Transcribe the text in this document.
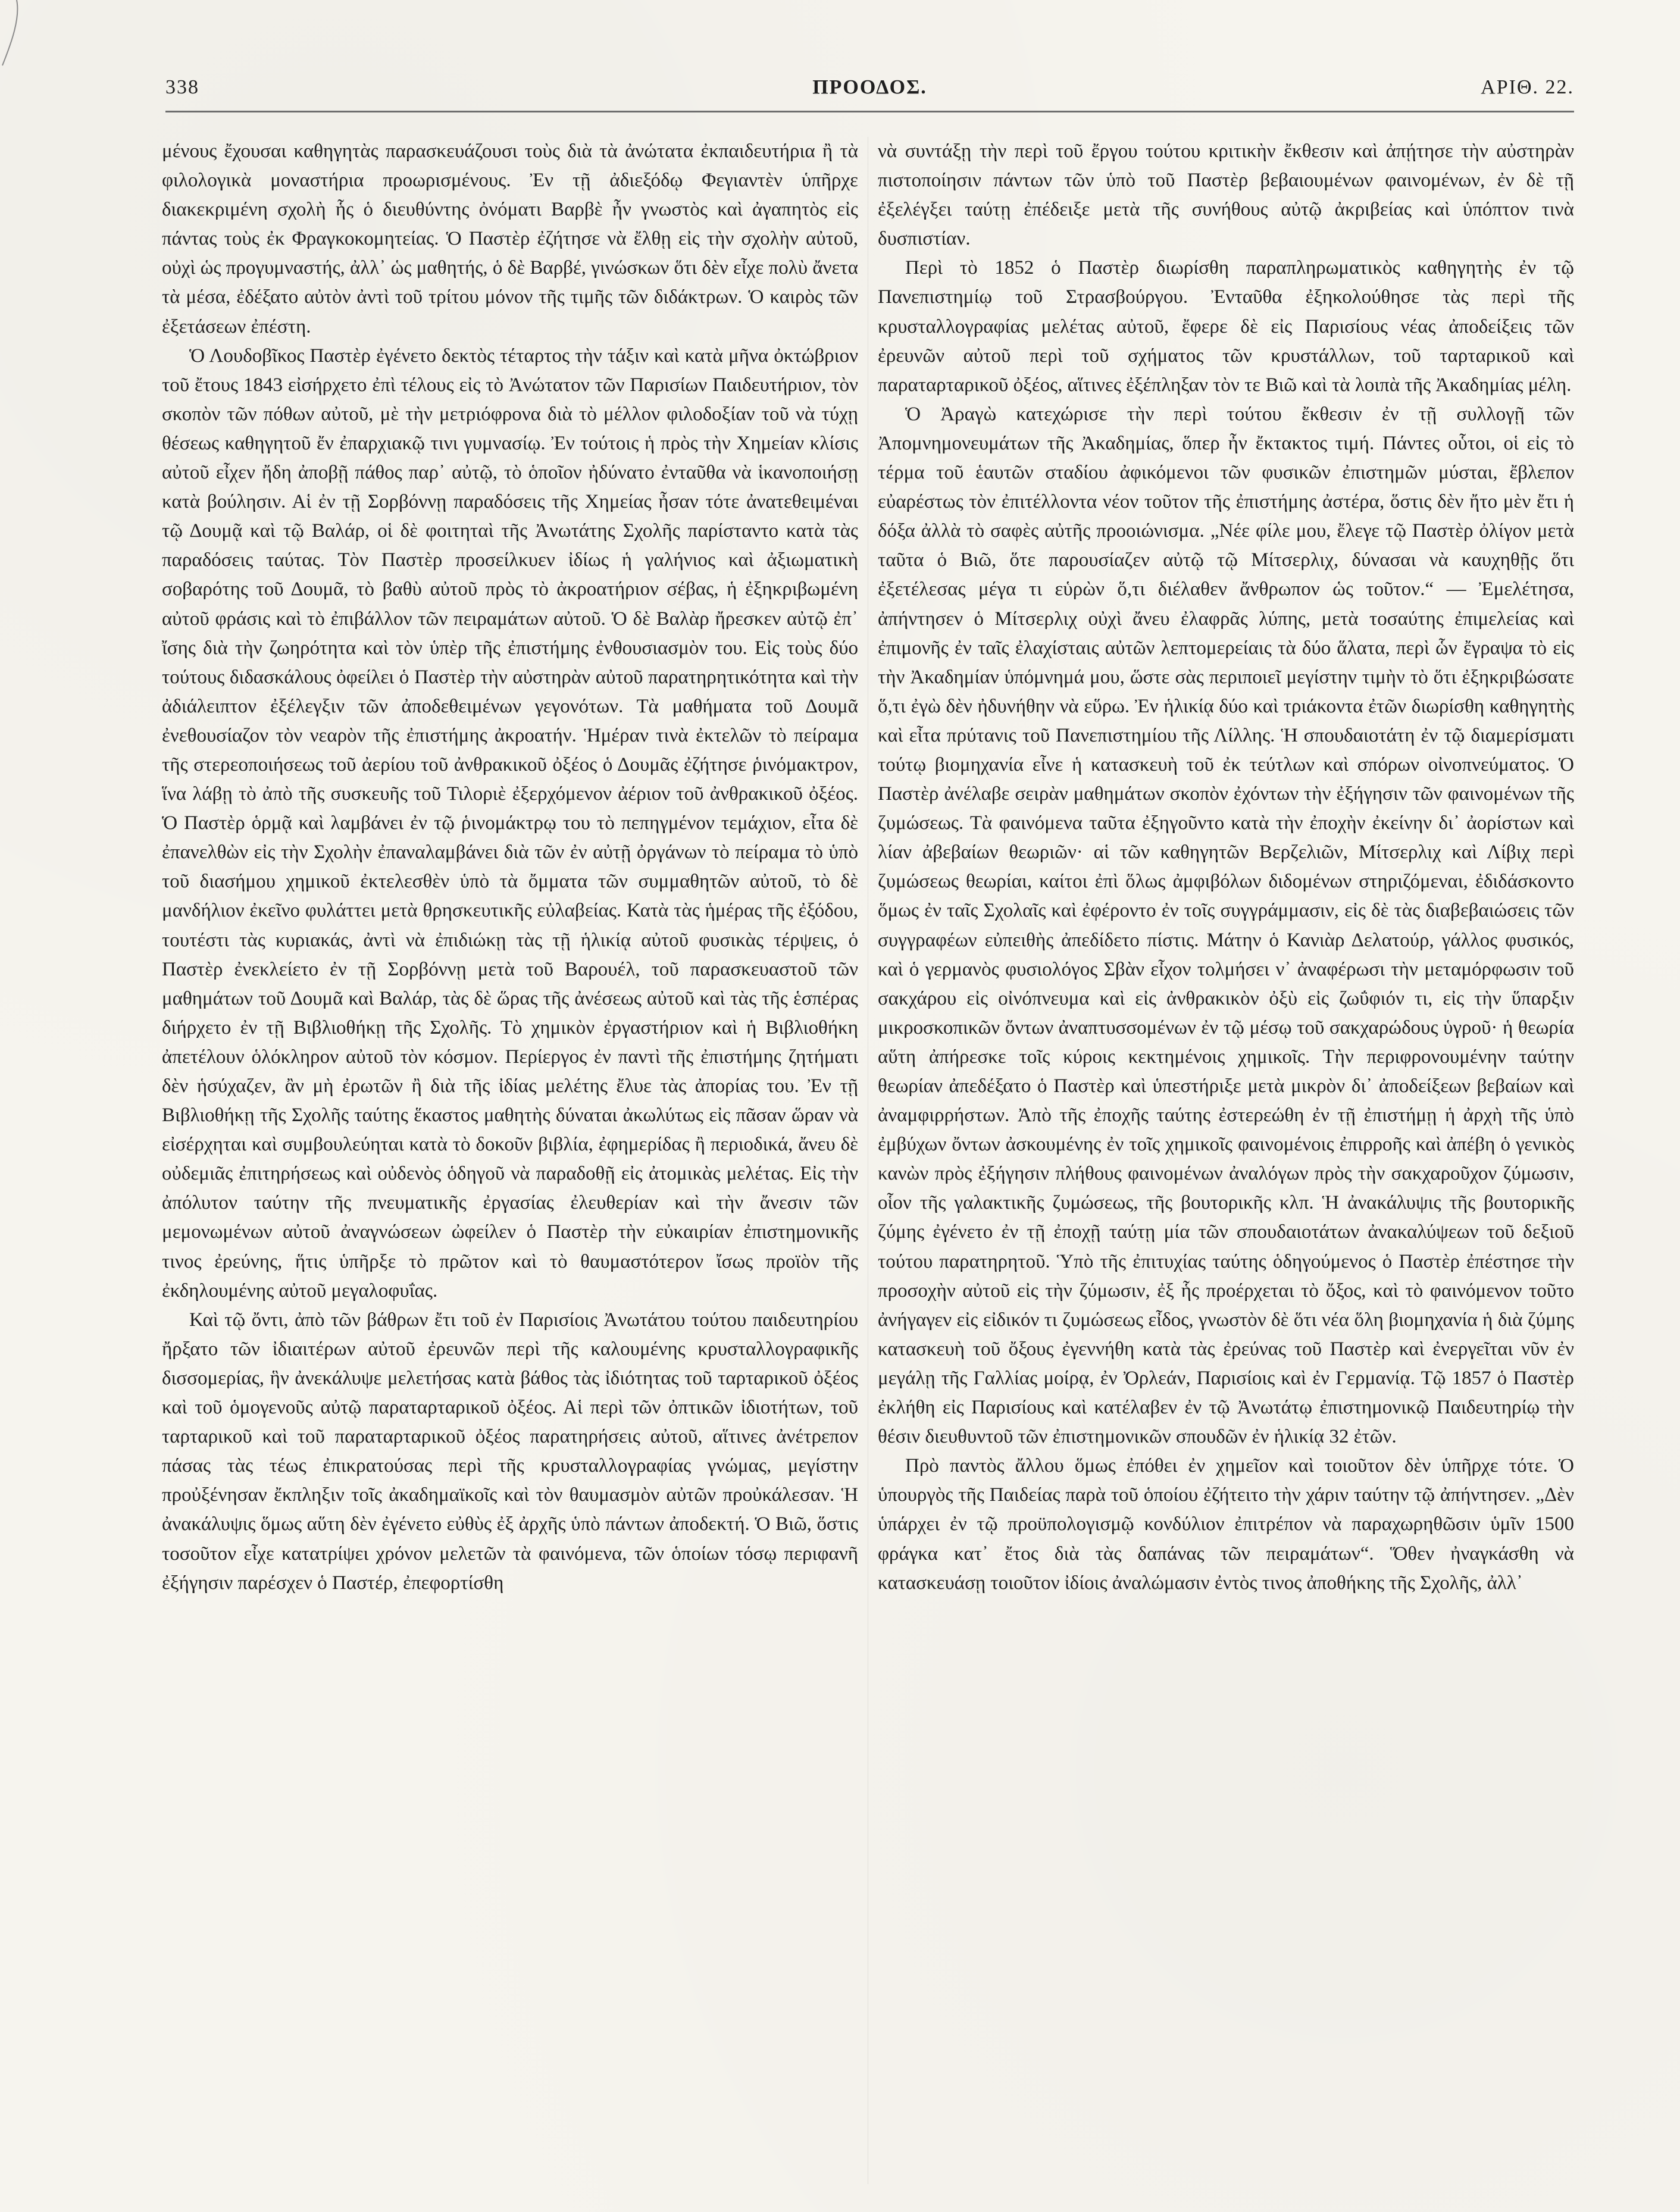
338	ΠΡΟΟΔΟΣ.	ΑΡΙΘ. 22.

μένους ἔχουσαι καθηγητὰς παρασκευάζουσι τοὺς διὰ τὰ ἀνώτατα ἐκπαιδευτήρια ἢ τὰ φιλολογικὰ μοναστήρια προωρισμένους. Ἐν τῇ ἀδιεξόδῳ Φεγιαντὲν ὑπῆρχε διακεκριμένη σχολὴ ἧς ὁ διευθύντης ὀνόματι Βαρβὲ ἦν γνωστὸς καὶ ἀγαπητὸς εἰς πάντας τοὺς ἐκ Φραγκοκομητείας. Ὁ Παστὲρ ἐζήτησε νὰ ἔλθῃ εἰς τὴν σχολὴν αὐτοῦ, οὐχὶ ὡς προγυμναστής, ἀλλ᾽ ὡς μαθητής, ὁ δὲ Βαρβέ, γινώσκων ὅτι δὲν εἶχε πολὺ ἄνετα τὰ μέσα, ἐδέξατο αὐτὸν ἀντὶ τοῦ τρίτου μόνον τῆς τιμῆς τῶν διδάκτρων. Ὁ καιρὸς τῶν ἐξετάσεων ἐπέστη.

Ὁ Λουδοβῖκος Παστὲρ ἐγένετο δεκτὸς τέταρτος τὴν τάξιν καὶ κατὰ μῆνα ὀκτώβριον τοῦ ἔτους 1843 εἰσήρχετο ἐπὶ τέλους εἰς τὸ Ἀνώτατον τῶν Παρισίων Παιδευτήριον, τὸν σκοπὸν τῶν πόθων αὐτοῦ, μὲ τὴν μετριόφρονα διὰ τὸ μέλλον φιλοδοξίαν τοῦ νὰ τύχῃ θέσεως καθηγητοῦ ἔν ἐπαρχιακῷ τινι γυμνασίῳ. Ἐν τούτοις ἡ πρὸς τὴν Χημείαν κλίσις αὐτοῦ εἶχεν ἤδη ἀποβῇ πάθος παρ᾽ αὐτῷ, τὸ ὁποῖον ἠδύνατο ἐνταῦθα νὰ ἱκανοποιήσῃ κατὰ βούλησιν. Αἱ ἐν τῇ Σορβόννῃ παραδόσεις τῆς Χημείας ἦσαν τότε ἀνατεθειμέναι τῷ Δουμᾷ καὶ τῷ Βαλάρ, οἱ δὲ φοιτηταὶ τῆς Ἀνωτάτης Σχολῆς παρίσταντο κατὰ τὰς παραδόσεις ταύτας. Τὸν Παστὲρ προσείλκυεν ἰδίως ἡ γαλήνιος καὶ ἀξιωματικὴ σοβαρότης τοῦ Δουμᾶ, τὸ βαθὺ αὐτοῦ πρὸς τὸ ἀκροατήριον σέβας, ἡ ἐξηκριβωμένη αὐτοῦ φράσις καὶ τὸ ἐπιβάλλον τῶν πειραμάτων αὐτοῦ. Ὁ δὲ Βαλὰρ ἤρεσκεν αὐτῷ ἐπ᾽ ἴσης διὰ τὴν ζωηρότητα καὶ τὸν ὑπὲρ τῆς ἐπιστήμης ἐνθουσιασμὸν του. Εἰς τοὺς δύο τούτους διδασκάλους ὀφείλει ὁ Παστὲρ τὴν αὐστηρὰν αὐτοῦ παρατηρητικότητα καὶ τὴν ἀδιάλειπτον ἐξέλεγξιν τῶν ἀποδεθειμένων γεγονότων. Τὰ μαθήματα τοῦ Δουμᾶ ἐνεθουσίαζον τὸν νεαρὸν τῆς ἐπιστήμης ἀκροατήν. Ἡμέραν τινὰ ἐκτελῶν τὸ πείραμα τῆς στερεοποιήσεως τοῦ ἀερίου τοῦ ἀνθρακικοῦ ὀξέος ὁ Δουμᾶς ἐζήτησε ῥινόμακτρον, ἵνα λάβῃ τὸ ἀπὸ τῆς συσκευῆς τοῦ Τιλοριὲ ἐξερχόμενον ἀέριον τοῦ ἀνθρακικοῦ ὀξέος. Ὁ Παστὲρ ὁρμᾷ καὶ λαμβάνει ἐν τῷ ῥινομάκτρῳ του τὸ πεπηγμένον τεμάχιον, εἶτα δὲ ἐπανελθὼν εἰς τὴν Σχολὴν ἐπαναλαμβάνει διὰ τῶν ἐν αὐτῇ ὀργάνων τὸ πείραμα τὸ ὑπὸ τοῦ διασήμου χημικοῦ ἐκτελεσθὲν ὑπὸ τὰ ὄμματα τῶν συμμαθητῶν αὐτοῦ, τὸ δὲ μανδήλιον ἐκεῖνο φυλάττει μετὰ θρησκευτικῆς εὐλαβείας. Κατὰ τὰς ἡμέρας τῆς ἐξόδου, τουτέστι τὰς κυριακάς, ἀντὶ νὰ ἐπιδιώκῃ τὰς τῇ ἡλικίᾳ αὐτοῦ φυσικὰς τέρψεις, ὁ Παστὲρ ἐνεκλείετο ἐν τῇ Σορβόννῃ μετὰ τοῦ Βαρουέλ, τοῦ παρασκευαστοῦ τῶν μαθημάτων τοῦ Δουμᾶ καὶ Βαλάρ, τὰς δὲ ὥρας τῆς ἀνέσεως αὐτοῦ καὶ τὰς τῆς ἑσπέρας διήρχετο ἐν τῇ Βιβλιοθήκῃ τῆς Σχολῆς. Τὸ χημικὸν ἐργαστήριον καὶ ἡ Βιβλιοθήκη ἀπετέλουν ὁλόκληρον αὐτοῦ τὸν κόσμον. Περίεργος ἐν παντὶ τῆς ἐπιστήμης ζητήματι δὲν ἡσύχαζεν, ἂν μὴ ἐρωτῶν ἢ διὰ τῆς ἰδίας μελέτης ἔλυε τὰς ἀπορίας του. Ἐν τῇ Βιβλιοθήκῃ τῆς Σχολῆς ταύτης ἕκαστος μαθητὴς δύναται ἀκωλύτως εἰς πᾶσαν ὥραν νὰ εἰσέρχηται καὶ συμβουλεύηται κατὰ τὸ δοκοῦν βιβλία, ἐφημερίδας ἢ περιοδικά, ἄνευ δὲ οὐδεμιᾶς ἐπιτηρήσεως καὶ οὐδενὸς ὁδηγοῦ νὰ παραδοθῇ εἰς ἀτομικὰς μελέτας. Εἰς τὴν ἀπόλυτον ταύτην τῆς πνευματικῆς ἐργασίας ἐλευθερίαν καὶ τὴν ἄνεσιν τῶν μεμονωμένων αὐτοῦ ἀναγνώσεων ὠφείλεν ὁ Παστὲρ τὴν εὐκαιρίαν ἐπιστημονικῆς τινος ἐρεύνης, ἥτις ὑπῆρξε τὸ πρῶτον καὶ τὸ θαυμαστότερον ἴσως προϊὸν τῆς ἐκδηλουμένης αὐτοῦ μεγαλοφυΐας.

Καὶ τῷ ὄντι, ἀπὸ τῶν βάθρων ἔτι τοῦ ἐν Παρισίοις Ἀνωτάτου τούτου παιδευτηρίου ἤρξατο τῶν ἰδιαιτέρων αὐτοῦ ἐρευνῶν περὶ τῆς καλουμένης κρυσταλλογραφικῆς δισσομερίας, ἣν ἀνεκάλυψε μελετήσας κατὰ βάθος τὰς ἰδιότητας τοῦ ταρταρικοῦ ὀξέος καὶ τοῦ ὁμογενοῦς αὐτῷ παραταρταρικοῦ ὀξέος. Αἱ περὶ τῶν ὀπτικῶν ἰδιοτήτων, τοῦ ταρταρικοῦ καὶ τοῦ παραταρταρικοῦ ὀξέος παρατηρήσεις αὐτοῦ, αἵτινες ἀνέτρεπον πάσας τὰς τέως ἐπικρατούσας περὶ τῆς κρυσταλλογραφίας γνώμας, μεγίστην προὐξένησαν ἔκπληξιν τοῖς ἀκαδημαϊκοῖς καὶ τὸν θαυμασμὸν αὐτῶν προὐκάλεσαν. Ἡ ἀνακάλυψις ὅμως αὕτη δὲν ἐγένετο εὐθὺς ἐξ ἀρχῆς ὑπὸ πάντων ἀποδεκτή. Ὁ Βιῶ, ὅστις τοσοῦτον εἶχε κατατρίψει χρόνον μελετῶν τὰ φαινόμενα, τῶν ὁποίων τόσῳ περιφανῆ ἐξήγησιν παρέσχεν ὁ Παστέρ, ἐπεφορτίσθη

νὰ συντάξῃ τὴν περὶ τοῦ ἔργου τούτου κριτικὴν ἔκθεσιν καὶ ἀπῄτησε τὴν αὐστηρὰν πιστοποίησιν πάντων τῶν ὑπὸ τοῦ Παστὲρ βεβαιουμένων φαινομένων, ἐν δὲ τῇ ἐξελέγξει ταύτῃ ἐπέδειξε μετὰ τῆς συνήθους αὐτῷ ἀκριβείας καὶ ὑπόπτον τινὰ δυσπιστίαν.

Περὶ τὸ 1852 ὁ Παστὲρ διωρίσθη παραπληρωματικὸς καθηγητὴς ἐν τῷ Πανεπιστημίῳ τοῦ Στρασβούργου. Ἐνταῦθα ἐξηκολούθησε τὰς περὶ τῆς κρυσταλλογραφίας μελέτας αὐτοῦ, ἔφερε δὲ εἰς Παρισίους νέας ἀποδείξεις τῶν ἐρευνῶν αὐτοῦ περὶ τοῦ σχήματος τῶν κρυστάλλων, τοῦ ταρταρικοῦ καὶ παραταρταρικοῦ ὀξέος, αἵτινες ἐξέπληξαν τὸν τε Βιῶ καὶ τὰ λοιπὰ τῆς Ἀκαδημίας μέλη.

Ὁ Ἀραγὼ κατεχώρισε τὴν περὶ τούτου ἔκθεσιν ἐν τῇ συλλογῇ τῶν Ἀπομνημονευμάτων τῆς Ἀκαδημίας, ὅπερ ἦν ἔκτακτος τιμή. Πάντες οὗτοι, οἱ εἰς τὸ τέρμα τοῦ ἑαυτῶν σταδίου ἀφικόμενοι τῶν φυσικῶν ἐπιστημῶν μύσται, ἔβλεπον εὐαρέστως τὸν ἐπιτέλλοντα νέον τοῦτον τῆς ἐπιστήμης ἀστέρα, ὅστις δὲν ἤτο μὲν ἔτι ἡ δόξα ἀλλὰ τὸ σαφὲς αὐτῆς προοιώνισμα. „Νέε φίλε μου, ἔλεγε τῷ Παστὲρ ὀλίγον μετὰ ταῦτα ὁ Βιῶ, ὅτε παρουσίαζεν αὐτῷ τῷ Μίτσερλιχ, δύνασαι νὰ καυχηθῇς ὅτι ἐξετέλεσας μέγα τι εὑρὼν ὅ,τι διέλαθεν ἄνθρωπον ὡς τοῦτον.“ — Ἐμελέτησα, ἀπήντησεν ὁ Μίτσερλιχ οὐχὶ ἄνευ ἐλαφρᾶς λύπης, μετὰ τοσαύτης ἐπιμελείας καὶ ἐπιμονῆς ἐν ταῖς ἐλαχίσταις αὐτῶν λεπτομερείαις τὰ δύο ἅλατα, περὶ ὧν ἔγραψα τὸ εἰς τὴν Ἀκαδημίαν ὑπόμνημά μου, ὥστε σὰς περιποιεῖ μεγίστην τιμὴν τὸ ὅτι ἐξηκριβώσατε ὅ,τι ἐγὼ δὲν ἠδυνήθην νὰ εὕρω. Ἐν ἡλικίᾳ δύο καὶ τριάκοντα ἐτῶν διωρίσθη καθηγητὴς καὶ εἶτα πρύτανις τοῦ Πανεπιστημίου τῆς Λίλλης. Ἡ σπουδαιοτάτη ἐν τῷ διαμερίσματι τούτῳ βιομηχανία εἶνε ἡ κατασκευὴ τοῦ ἐκ τεύτλων καὶ σπόρων οἰνοπνεύματος. Ὁ Παστὲρ ἀνέλαβε σειρὰν μαθημάτων σκοπὸν ἐχόντων τὴν ἐξήγησιν τῶν φαινομένων τῆς ζυμώσεως. Τὰ φαινόμενα ταῦτα ἐξηγοῦντο κατὰ τὴν ἐποχὴν ἐκείνην δι᾽ ἀορίστων καὶ λίαν ἀβεβαίων θεωριῶν· αἱ τῶν καθηγητῶν Βερζελιῶν, Μίτσερλιχ καὶ Λίβιχ περὶ ζυμώσεως θεωρίαι, καίτοι ἐπὶ ὅλως ἀμφιβόλων διδομένων στηριζόμεναι, ἐδιδάσκοντο ὅμως ἐν ταῖς Σχολαῖς καὶ ἐφέροντο ἐν τοῖς συγγράμμασιν, εἰς δὲ τὰς διαβεβαιώσεις τῶν συγγραφέων εὐπειθὴς ἀπεδίδετο πίστις. Μάτην ὁ Κανιὰρ Δελατούρ, γάλλος φυσικός, καὶ ὁ γερμανὸς φυσιολόγος Σβὰν εἶχον τολμήσει ν᾽ ἀναφέρωσι τὴν μεταμόρφωσιν τοῦ σακχάρου εἰς οἰνόπνευμα καὶ εἰς ἀνθρακικὸν ὀξὺ εἰς ζωΰφιόν τι, εἰς τὴν ὕπαρξιν μικροσκοπικῶν ὄντων ἀναπτυσσομένων ἐν τῷ μέσῳ τοῦ σακχαρώδους ὑγροῦ· ἡ θεωρία αὕτη ἀπήρεσκε τοῖς κύροις κεκτημένοις χημικοῖς. Τὴν περιφρονουμένην ταύτην θεωρίαν ἀπεδέξατο ὁ Παστὲρ καὶ ὑπεστήριξε μετὰ μικρὸν δι᾽ ἀποδείξεων βεβαίων καὶ ἀναμφιρρήστων. Ἀπὸ τῆς ἐποχῆς ταύτης ἐστερεώθη ἐν τῇ ἐπιστήμῃ ἡ ἀρχὴ τῆς ὑπὸ ἐμβύχων ὄντων ἀσκουμένης ἐν τοῖς χημικοῖς φαινομένοις ἐπιρροῆς καὶ ἀπέβη ὁ γενικὸς κανὼν πρὸς ἐξήγησιν πλήθους φαινομένων ἀναλόγων πρὸς τὴν σακχαροῦχον ζύμωσιν, οἷον τῆς γαλακτικῆς ζυμώσεως, τῆς βουτορικῆς κλπ. Ἡ ἀνακάλυψις τῆς βουτορικῆς ζύμης ἐγένετο ἐν τῇ ἐποχῇ ταύτῃ μία τῶν σπουδαιοτάτων ἀνακαλύψεων τοῦ δεξιοῦ τούτου παρατηρητοῦ. Ὑπὸ τῆς ἐπιτυχίας ταύτης ὁδηγούμενος ὁ Παστὲρ ἐπέστησε τὴν προσοχὴν αὐτοῦ εἰς τὴν ζύμωσιν, ἐξ ἧς προέρχεται τὸ ὄξος, καὶ τὸ φαινόμενον τοῦτο ἀνήγαγεν εἰς εἰδικόν τι ζυμώσεως εἶδος, γνωστὸν δὲ ὅτι νέα ὅλη βιομηχανία ἡ διὰ ζύμης κατασκευὴ τοῦ ὄξους ἐγεννήθη κατὰ τὰς ἐρεύνας τοῦ Παστὲρ καὶ ἐνεργεῖται νῦν ἐν μεγάλῃ τῆς Γαλλίας μοίρᾳ, ἐν Ὀρλεάν, Παρισίοις καὶ ἐν Γερμανίᾳ. Τῷ 1857 ὁ Παστὲρ ἐκλήθη εἰς Παρισίους καὶ κατέλαβεν ἐν τῷ Ἀνωτάτῳ ἐπιστημονικῷ Παιδευτηρίῳ τὴν θέσιν διευθυντοῦ τῶν ἐπιστημονικῶν σπουδῶν ἐν ἡλικίᾳ 32 ἐτῶν.

Πρὸ παντὸς ἄλλου ὅμως ἐπόθει ἐν χημεῖον καὶ τοιοῦτον δὲν ὑπῆρχε τότε. Ὁ ὑπουργὸς τῆς Παιδείας παρὰ τοῦ ὁποίου ἐζήτειτο τὴν χάριν ταύτην τῷ ἀπήντησεν. „Δὲν ὑπάρχει ἐν τῷ προϋπολογισμῷ κονδύλιον ἐπιτρέπον νὰ παραχωρηθῶσιν ὑμῖν 1500 φράγκα κατ᾽ ἔτος διὰ τὰς δαπάνας τῶν πειραμάτων“. Ὅθεν ἠναγκάσθη νὰ κατασκευάσῃ τοιοῦτον ἰδίοις ἀναλώμασιν ἐντὸς τινος ἀποθήκης τῆς Σχολῆς, ἀλλ᾽
